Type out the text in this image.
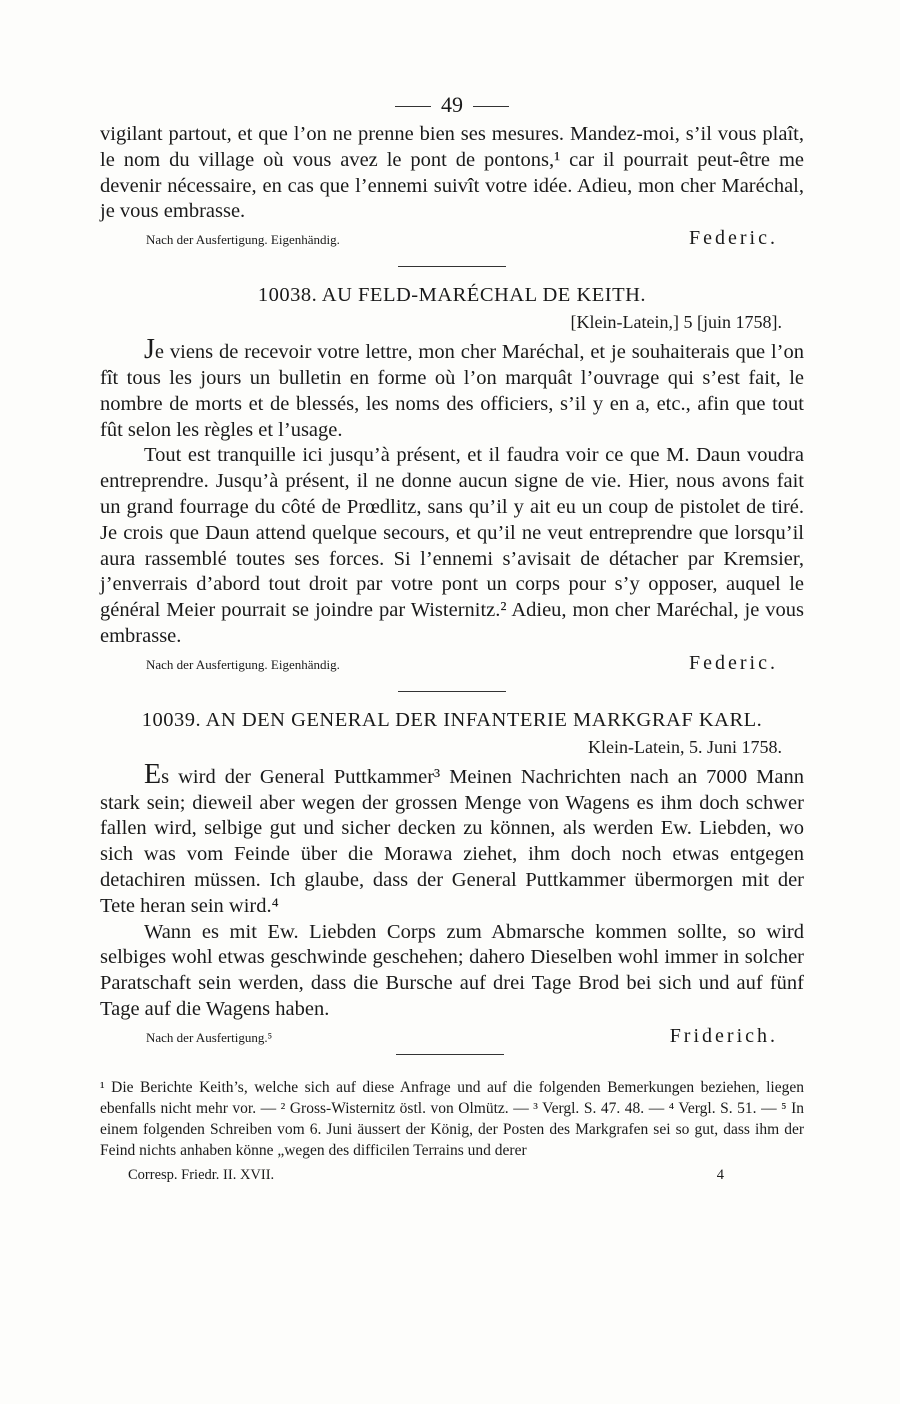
49

vigilant partout, et que l’on ne prenne bien ses mesures. Mandez-moi, s’il vous plaît, le nom du village où vous avez le pont de pontons,¹ car il pourrait peut-être me devenir nécessaire, en cas que l’ennemi suivît votre idée. Adieu, mon cher Maréchal, je vous embrasse.

Nach der Ausfertigung. Eigenhändig.	Federic.
10038. AU FELD-MARÉCHAL DE KEITH.
[Klein-Latein,] 5 [juin 1758].

Je viens de recevoir votre lettre, mon cher Maréchal, et je souhaiterais que l’on fît tous les jours un bulletin en forme où l’on marquât l’ouvrage qui s’est fait, le nombre de morts et de blessés, les noms des officiers, s’il y en a, etc., afin que tout fût selon les règles et l’usage.

Tout est tranquille ici jusqu’à présent, et il faudra voir ce que M. Daun voudra entreprendre. Jusqu’à présent, il ne donne aucun signe de vie. Hier, nous avons fait un grand fourrage du côté de Prœdlitz, sans qu’il y ait eu un coup de pistolet de tiré. Je crois que Daun attend quelque secours, et qu’il ne veut entreprendre que lorsqu’il aura rassemblé toutes ses forces. Si l’ennemi s’avisait de détacher par Kremsier, j’enverrais d’abord tout droit par votre pont un corps pour s’y opposer, auquel le général Meier pourrait se joindre par Wisternitz.² Adieu, mon cher Maréchal, je vous embrasse.

Nach der Ausfertigung. Eigenhändig.	Federic.
10039. AN DEN GENERAL DER INFANTERIE MARKGRAF KARL.
Klein-Latein, 5. Juni 1758.

Es wird der General Puttkammer³ Meinen Nachrichten nach an 7000 Mann stark sein; dieweil aber wegen der grossen Menge von Wagens es ihm doch schwer fallen wird, selbige gut und sicher decken zu können, als werden Ew. Liebden, wo sich was vom Feinde über die Morawa ziehet, ihm doch noch etwas entgegen detachiren müssen. Ich glaube, dass der General Puttkammer übermorgen mit der Tete heran sein wird.⁴

Wann es mit Ew. Liebden Corps zum Abmarsche kommen sollte, so wird selbiges wohl etwas geschwinde geschehen; dahero Dieselben wohl immer in solcher Paratschaft sein werden, dass die Bursche auf drei Tage Brod bei sich und auf fünf Tage auf die Wagens haben.

Nach der Ausfertigung.⁵	Friderich.
¹ Die Berichte Keith’s, welche sich auf diese Anfrage und auf die folgenden Bemerkungen beziehen, liegen ebenfalls nicht mehr vor. — ² Gross-Wisternitz östl. von Olmütz. — ³ Vergl. S. 47. 48. — ⁴ Vergl. S. 51. — ⁵ In einem folgenden Schreiben vom 6. Juni äussert der König, der Posten des Markgrafen sei so gut, dass ihm der Feind nichts anhaben könne „wegen des difficilen Terrains und derer
Corresp. Friedr. II. XVII.	4
